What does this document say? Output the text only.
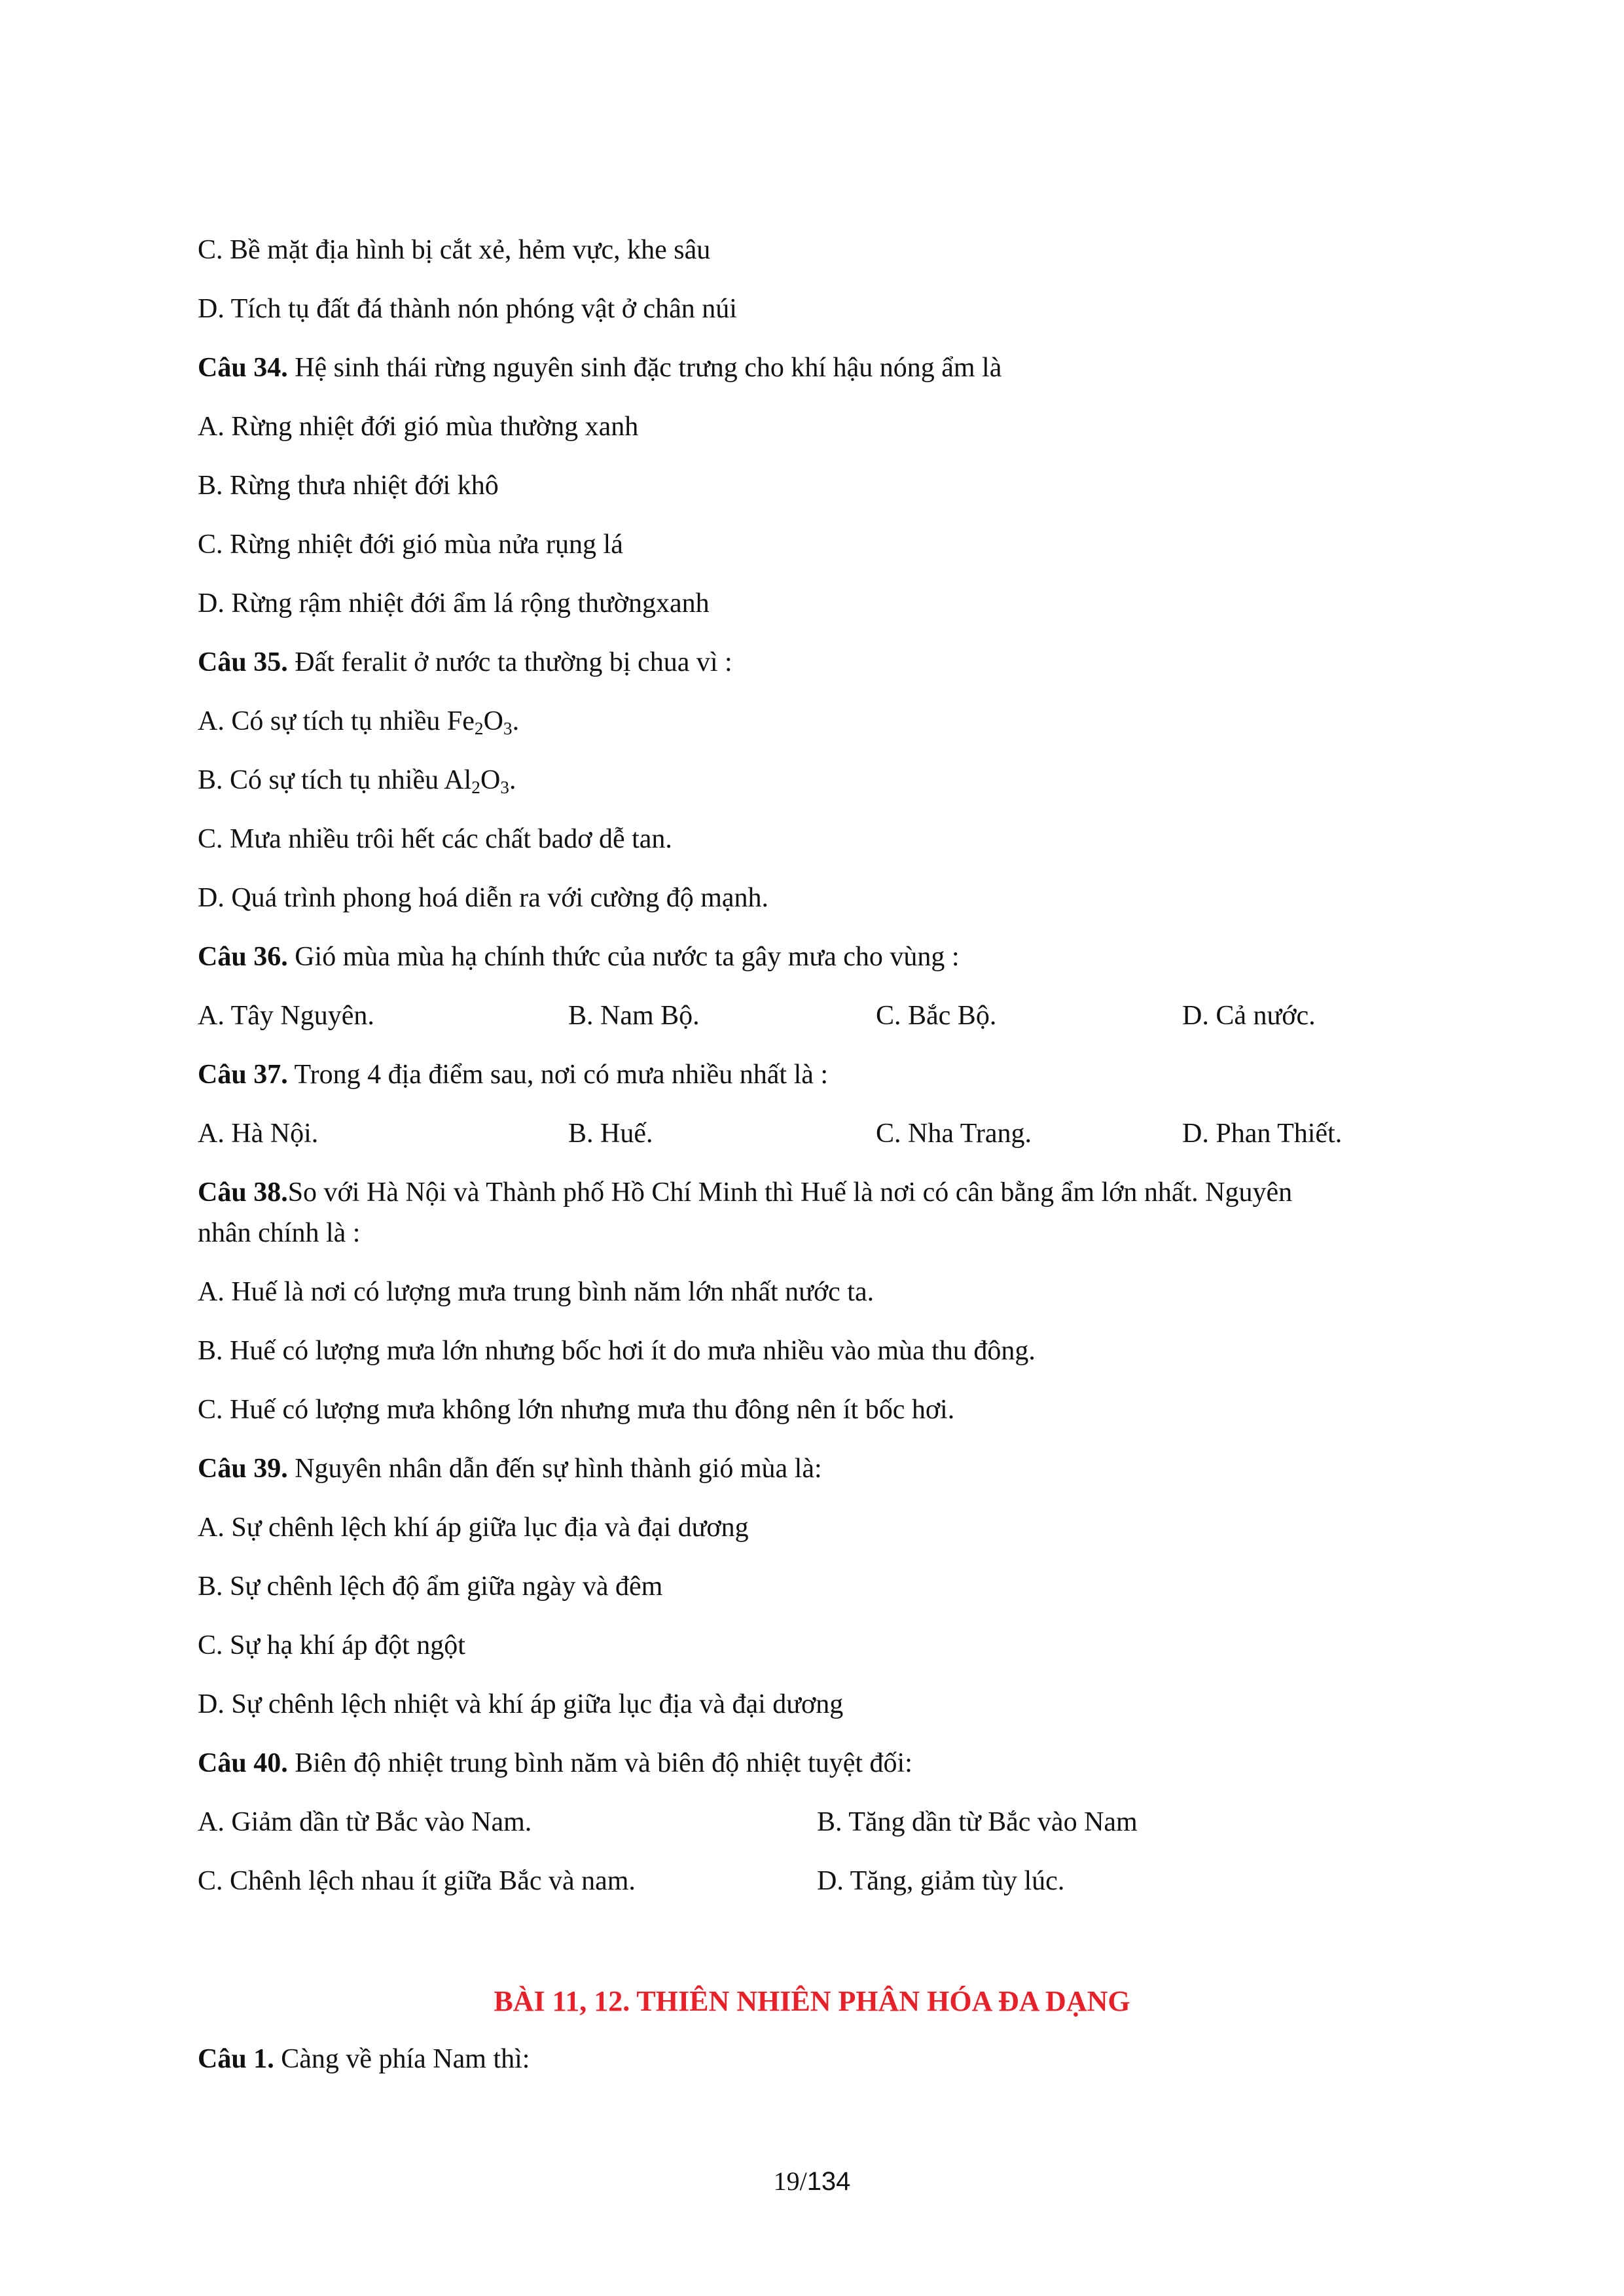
C. Bề mặt địa hình bị cắt xẻ, hẻm vực, khe sâu
D. Tích tụ đất đá thành nón phóng vật ở chân núi
Câu 34. Hệ sinh thái rừng nguyên sinh đặc trưng cho khí hậu nóng ẩm là
A. Rừng nhiệt đới gió mùa thường xanh
B. Rừng thưa nhiệt đới khô
C. Rừng nhiệt đới gió mùa nửa rụng lá
D. Rừng rậm nhiệt đới ẩm lá rộng thườngxanh
Câu 35. Đất feralit ở nước ta thường bị chua vì :
A. Có sự tích tụ nhiều $Fe_2O_3$.
B. Có sự tích tụ nhiều $Al_2O_3$.
C. Mưa nhiều trôi hết các chất badơ dễ tan.
D. Quá trình phong hoá diễn ra với cường độ mạnh.
Câu 36. Gió mùa mùa hạ chính thức của nước ta gây mưa cho vùng :
A. Tây Nguyên.	B. Nam Bộ.	C. Bắc Bộ.	D. Cả nước.
Câu 37. Trong 4 địa điểm sau, nơi có mưa nhiều nhất là :
A. Hà Nội.	B. Huế.	C. Nha Trang.	D. Phan Thiết.
Câu 38.So với Hà Nội và Thành phố Hồ Chí Minh thì Huế là nơi có cân bằng ẩm lớn nhất. Nguyên
nhân chính là :
A. Huế là nơi có lượng mưa trung bình năm lớn nhất nước ta.
B. Huế có lượng mưa lớn nhưng bốc hơi ít do mưa nhiều vào mùa thu đông.
C. Huế có lượng mưa không lớn nhưng mưa thu đông nên ít bốc hơi.
Câu 39. Nguyên nhân dẫn đến sự hình thành gió mùa là:
A. Sự chênh lệch khí áp giữa lục địa và đại dương
B. Sự chênh lệch độ ẩm giữa ngày và đêm
C. Sự hạ khí áp đột ngột
D. Sự chênh lệch nhiệt và khí áp giữa lục địa và đại dương
Câu 40. Biên độ nhiệt trung bình năm và biên độ nhiệt tuyệt đối:
A. Giảm dần từ Bắc vào Nam.	B. Tăng dần từ Bắc vào Nam
C. Chênh lệch nhau ít giữa Bắc và nam.	D. Tăng, giảm tùy lúc.
BÀI 11, 12. THIÊN NHIÊN PHÂN HÓA ĐA DẠNG
Câu 1. Càng về phía Nam thì:
19/134
